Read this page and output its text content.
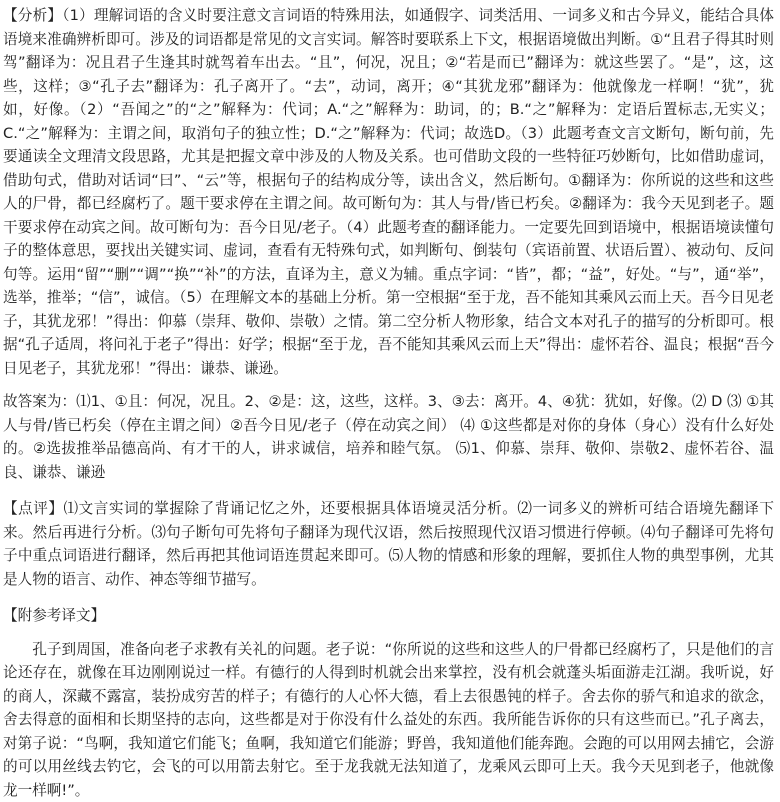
【分析】（1）理解词语的含义时要注意文言词语的特殊用法，如通假字、词类活用、一词多义和古今异义，能结合具体语境来准确辨析即可。涉及的词语都是常见的文言实词。解答时要联系上下文，根据语境做出判断。①“且君子得其时则驾”翻译为：况且君子生逢其时就驾着车出去。“且”，何况，况且；②“若是而已”翻译为：就这些罢了。“是”，这，这些，这样；③“孔子去”翻译为：孔子离开了。“去”，动词，离开；④“其犹龙邪”翻译为：他就像龙一样啊！“犹”，犹如，好像。（2）“吾闻之”的“之”解释为：代词；A.“之”解释为：助词，的；B.“之”解释为：定语后置标志,无实义；C.“之”解释为：主谓之间，取消句子的独立性；D.“之”解释为：代词；故选D。（3）此题考查文言文断句，断句前，先要通读全文理清文段思路，尤其是把握文章中涉及的人物及关系。也可借助文段的一些特征巧妙断句，比如借助虚词，借助句式，借助对话词“曰”、“云”等，根据句子的结构成分等，读出含义，然后断句。①翻译为：你所说的这些和这些人的尸骨，都已经腐朽了。题干要求停在主谓之间。故可断句为：其人与骨/皆已朽矣。②翻译为：我今天见到老子。题干要求停在动宾之间。故可断句为：吾今日见/老子。（4）此题考查的翻译能力。一定要先回到语境中，根据语境读懂句子的整体意思，要找出关键实词、虚词，查看有无特殊句式，如判断句、倒装句（宾语前置、状语后置）、被动句、反问句等。运用“留”“删”“调”“换”“补”的方法，直译为主，意义为辅。重点字词：“皆”，都；“益”，好处。“与”，通“举”，选举，推举；“信”，诚信。（5）在理解文本的基础上分析。第一空根据“至于龙，吾不能知其乘风云而上天。吾今日见老子，其犹龙邪！”得出：仰慕（崇拜、敬仰、崇敬）之情。第二空分析人物形象，结合文本对孔子的描写的分析即可。根据“孔子适周，将问礼于老子”得出：好学；根据“至于龙，吾不能知其乘风云而上天”得出：虚怀若谷、温良；根据“吾今日见老子，其犹龙邪！”得出：谦恭、谦逊。

故答案为：⑴1、①且：何况，况且。2、②是：这，这些，这样。3、③去：离开。4、④犹：犹如，好像。⑵ D ⑶ ①其人与骨/皆已朽矣（停在主谓之间）②吾今日见/老子（停在动宾之间） ⑷ ①这些都是对你的身体（身心）没有什么好处的。②选拔推举品德高尚、有才干的人，讲求诚信，培养和睦气氛。 ⑸1、仰慕、崇拜、敬仰、崇敬2、虚怀若谷、温良、谦恭、谦逊

【点评】⑴文言实词的掌握除了背诵记忆之外，还要根据具体语境灵活分析。⑵一词多义的辨析可结合语境先翻译下来。然后再进行分析。⑶句子断句可先将句子翻译为现代汉语，然后按照现代汉语习惯进行停顿。⑷句子翻译可先将句子中重点词语进行翻译，然后再把其他词语连贯起来即可。⑸人物的情感和形象的理解，要抓住人物的典型事例，尤其是人物的语言、动作、神态等细节描写。

【附参考译文】

孔子到周国，准备向老子求教有关礼的问题。老子说：“你所说的这些和这些人的尸骨都已经腐朽了，只是他们的言论还存在，就像在耳边刚刚说过一样。有德行的人得到时机就会出来掌控，没有机会就蓬头垢面游走江湖。我听说，好的商人，深藏不露富，装扮成穷苦的样子；有德行的人心怀大德，看上去很愚钝的样子。舍去你的骄气和追求的欲念，舍去得意的面相和长期坚持的志向，这些都是对于你没有什么益处的东西。我所能告诉你的只有这些而已。”孔子离去，对第子说：“鸟啊，我知道它们能飞；鱼啊，我知道它们能游；野兽，我知道他们能奔跑。会跑的可以用网去捕它，会游的可以用丝线去钓它，会飞的可以用箭去射它。至于龙我就无法知道了，龙乘风云即可上天。我今天见到老子，他就像龙一样啊!”。
